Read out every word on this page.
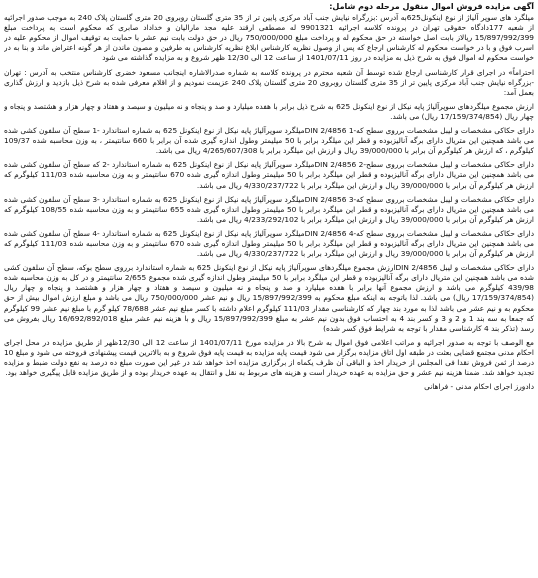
آگهی مزایده فروش اموال منقول مرحله دوم شامل:
میلگرد های سوپر آلیاژ از نوع اینکونل625به آدرس :بزرگراه نیایش جنب آباد مرکزی پایین تر از 35 متری گلستان روبروی 20 متری گلستان پلاک 240 به موجب صدور اجرائیه از شعبه 177دادگاه حقوقی تهران در پرونده کلاسه اجرائیه 9901321 له مصطفی ارقند علیه مجد مارالیان و خداداد صابری که محکوم است به پرداخت مبلغ 15/897/992/399 ریالاز بابت اصل خواسته در حق محکوم له و پرداخت مبلغ 750/000/000 ریال در حق دولت بابت نیم عشر با حمایت به توقیف اموال از محکوم علیه در اسرب فوق و با در خواست محکوم له کارشناس ارجاع که پس از وصول نظریه کارشناس ابلاغ نظریه کارشناس به طرفین و مصون ماندن از هر گونه اعتراض ماند و بنا به در خواست محکوم له اموال فوق به شرح ذیل به مزایده در روز 1401/07/11 از ساعت 12 الی 12/30 ظهر شروع و به مزایده گذاشته می شود
احتراماً» در اجرای قرار کارشناسی ارجاع شده توسط آن شعبه محترم در پرونده کلاسه به شماره صدرالاشاره اینجانب مسعود خضری کارشناس منتخب به آدرس : تهران -بزرگراه نیایش جنب آباد مرکزی پایین تر از 35 متری گلستان روبروی 20 متری گلستان پلاک 240 عزیمت نمودیم و از اقلام معرفی شده به شرح ذیل بازدید و ارزش گذاری بعمل آمد:
ارزش مجموع میلگردهای سوپرآلیاژ پایه نیکل از نوع اینکونل 625 به شرح ذیل برابر با هفده میلیارد و صد و پنجاه و نه میلیون و سیصد و هفتاد و چهار هزار و هشتصد و پنجاه و چهار ریال (17/159/374/854 ریال) می باشد.
دارای حکاکی مشخصات و لیبل مشخصات برروی سطح که-1 DIN 2/4856میلگرد سوپرآلیاژ پایه نیکل از نوع اینکونل 625 به شماره استاندارد -1 سطح آن سلفون کشی شده می باشد همچنین این متریال دارای برگه آنالیزبوده و قطر این میلگرد برابر با 50 میلیمتر وطول اندازه گیری شده آن برابر با 660 سانتیمتر ، به وزن محاسبه شده 109/37 کیلوگرم ، که ارزش هر کیلوگرم آن برابر با 39/000/000 ریال و ارزش این میلگرد برابر با 4/265/607/308 ریال می باشد.
دارای حکاکی مشخصات و لیبل مشخصات برروی سطح-2 DIN 2/4856میلگرد سوپرآلیاژ پایه نیکل از نوع اینکونل 625 به شماره استاندارد -2 که سطح آن سلفون کشی شده می باشد همچنین این متریال دارای برگه آنالیزبوده و قطر این میلگرد برابر با 50 میلیمتر وطول اندازه گیری شده 670 سانتیمتر و به وزن محاسبه شده 111/03 کیلوگرم که ارزش هر کیلوگرم آن برابر با 39/000/000 ریال و ارزش این میلگرد برابر با 4/330/237/722 ریال می باشد.
دارای حکاکی مشخصات و لیبل مشخصات برروی سطح که-3 DIN 2/4856میلگرد سوپرآلیاژ پایه نیکل از نوع اینکونل 625 به شماره استاندارد -3 سطح آن سلفون کشی شده می باشد همچنین این متریال دارای برگه آنالیزبوده و قطر این میلگرد برابر با 50 میلیمتر وطول اندازه گیری شده 655 سانتیمتر و به وزن محاسبه شده 108/55 کیلوگرم که ارزش هر کیلوگرم آن برابر با 39/000/000 ریال و ارزش این میلگرد برابر با 4/233/292/102 ریال می باشد.
دارای حکاکی مشخصات و لیبل مشخصات برروی سطح که-4 DIN 2/4856میلگرد سوپرآلیاژ پایه نیکل از نوع اینکونل 625 به شماره استاندارد -4 سطح آن سلفون کشی شده می باشد همچنین این متریال دارای برگه آنالیزبوده و قطر این میلگرد برابر با 50 میلیمتر وطول اندازه گیری شده 670 سانتیمتر و به وزن محاسبه شده 111/03 کیلوگرم که ارزش هر کیلوگرم آن برابر با 39/000/000 ریال و ارزش این میلگرد برابر با 4/330/237/722 ریال می باشد.
دارای حکاکی مشخصات و لیبل DIN 2/4856ارزش مجموع میلگردهای سوپرآلیاژ پایه نیکل از نوع اینکونل 625 به شماره استاندارد برروی سطح بوکه، سطح آن سلفون کشی شده می باشد همچنین این متریال دارای برگه آنالیزبوده و قطر این میلگرد برابر با 50 میلیمتر وطول اندازه گیری شده مجموع 2/655 سانتیمتر و در کل به وزن محاسبه شده 439/98 کیلوگرم می باشد و ارزش مجموع آنها برابر با هفده میلیارد و صد و پنجاه و نه میلیون و سیصد و هفتاد و چهار هزار و هشتصد و پنجاه و چهار ریال (17/159/374/854 ریال) می باشد. لذا باتوجه به اینکه مبلغ محکوم به 15/897/992/399 ریال و نیم عشر 750/000/000 ریال می باشد و مبلغ ارزش اموال بیش از حق محکوم به و نیم عشر می باشد لذا به مورد بند چهار که کارشناسی مقدار 111/03 کیلوگرم اعلام داشته با کسر مبلغ نیم عشر 78/688 کیلو گرم با مبلغ نیم عشر 99 کیلوگرم که جمعا به سه بند 1 و 2 و 3 و کسر بند 4 به احتساب فوق بدون نیم عشر به مبلغ 15/897/992/399 ریال و با هزینه نیم عشر مبلغ 16/692/892/018 ریال بفروش می رسد (تذکر بند 4 کارشناسی مقدار با توجه به شرایط فوق کسر شده)
مع الوصف با توجه به صدور اجرائیه و مراتب اعلامی فوق اموال به شرح بالا در مزایده مورخ 1401/07/11 از ساعت 12 الی 12/30ظهر از طریق مزایده در محل اجرای احکام مدنی مجتمع قضایی بعثت در طبقه اول اتاق مزایده برگزار می شود قیمت پایه مزایده به قیمت پایه فوق شروع و به بالاترین قیمت پیشنهادی فروخته می شود و مبلغ 10 درصد از ثمن فروش نقدا فی المجلس از خریدار اخذ و الباقی آن ظرف یکماه از برگزاری مزایده اخذ خواهد شد در غیر این صورت مبلغ ده درصد به نفع دولت ضبط و مزایده تجدید خواهد شد. ضمنا هزینه نیم عشر و حق مزایده به عهده خریدار است و هزینه های مربوط به نقل و انتقال به عهده خریدار بوده و از طریق مزایده قابل پیگیری خواهد بود.
دادورز اجرای احکام مدنی - فراهانی
